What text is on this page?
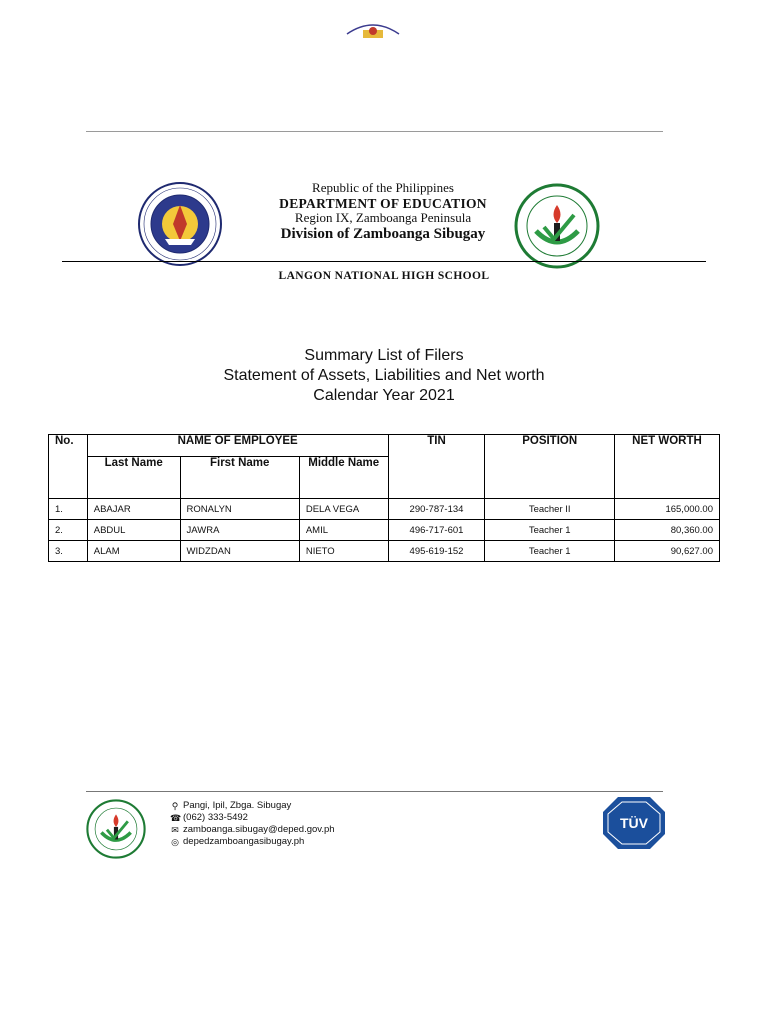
Republic of the Philippines
DEPARTMENT OF EDUCATION
Region IX, Zamboanga Peninsula
Division of Zamboanga Sibugay
LANGON NATIONAL HIGH SCHOOL
Summary List of Filers
Statement of Assets, Liabilities and Net worth
Calendar Year 2021
No.	NAME OF EMPLOYEE			TIN	POSITION	NET WORTH
	Last Name	First Name	Middle Name			
1.	ABAJAR	RONALYN	DELA VEGA	290-787-134	Teacher II	165,000.00
2.	ABDUL	JAWRA	AMIL	496-717-601	Teacher 1	80,360.00
3.	ALAM	WIDZDAN	NIETO	495-619-152	Teacher 1	90,627.00
⚲ Pangi, Ipil, Zbga. Sibugay
☎ (062) 333-5492
✉ zamboanga.sibugay@deped.gov.ph
◎ depedzamboangasibugay.ph
TÜV
